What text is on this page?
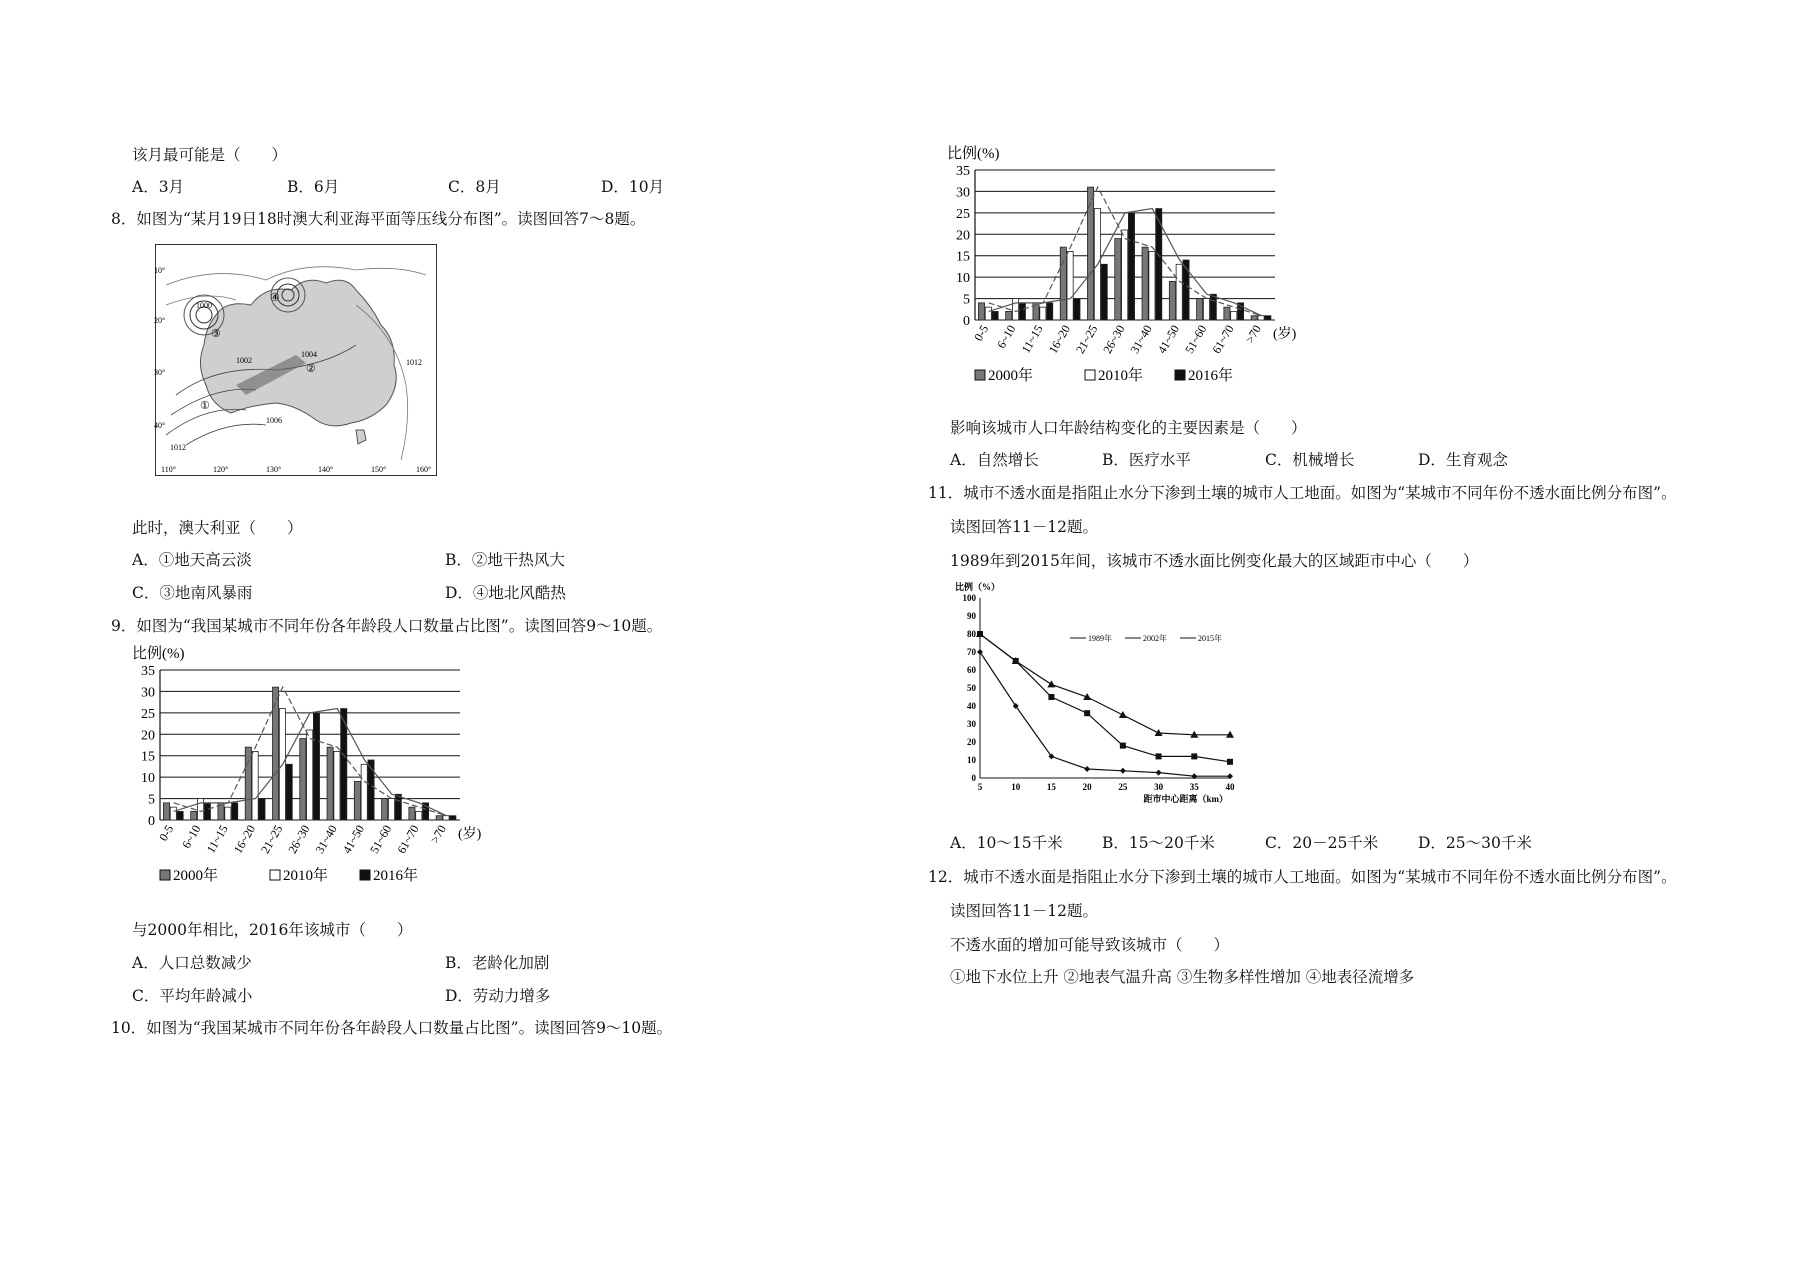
该月最可能是（　　）
A．3月	B．6月	C．8月	D．10月
8．如图为“某月19日18时澳大利亚海平面等压线分布图”。读图回答7～8题。
10°
20°
30°
40°
110°	120°	130°	140°	150°	160°
1000
1002
1004
1006
1012
1012
①
②
③
④
此时，澳大利亚（　　）
A．①地天高云淡	B．②地干热风大
C．③地南风暴雨	D．④地北风酷热
9．如图为“我国某城市不同年份各年龄段人口数量占比图”。读图回答9～10题。
比例(%)
0
5
10
15
20
25
30
35
0-5 6~10 11~15 16~20 21~25 26~30 31~40 41~50 51~60 61~70 >70 (岁)
2000年	2010年	2016年
与2000年相比，2016年该城市（　　）
A．人口总数减少	B．老龄化加剧
C．平均年龄减小	D．劳动力增多
10．如图为“我国某城市不同年份各年龄段人口数量占比图”。读图回答9～10题。
比例(%)
0
5
10
15
20
25
30
35
0-5 6~10 11~15 16~20 21~25 26~30 31~40 41~50 51~60 61~70 >70 (岁)
2000年	2010年	2016年
影响该城市人口年龄结构变化的主要因素是（　　）
A．自然增长	B．医疗水平	C．机械增长	D．生育观念
11．城市不透水面是指阻止水分下渗到土壤的城市人工地面。如图为“某城市不同年份不透水面比例分布图”。
读图回答11－12题。
1989年到2015年间，该城市不透水面比例变化最大的区域距市中心（　　）
比例（%）
0
10
20
30
40
50
60
70
80
90
100
5	10	15	20	25	30	35	40
距市中心距离（km）
1989年	2002年	2015年
A．10～15千米	B．15～20千米	C．20－25千米	D．25～30千米
12．城市不透水面是指阻止水分下渗到土壤的城市人工地面。如图为“某城市不同年份不透水面比例分布图”。
读图回答11－12题。
不透水面的增加可能导致该城市（　　）
①地下水位上升 ②地表气温升高 ③生物多样性增加 ④地表径流增多
